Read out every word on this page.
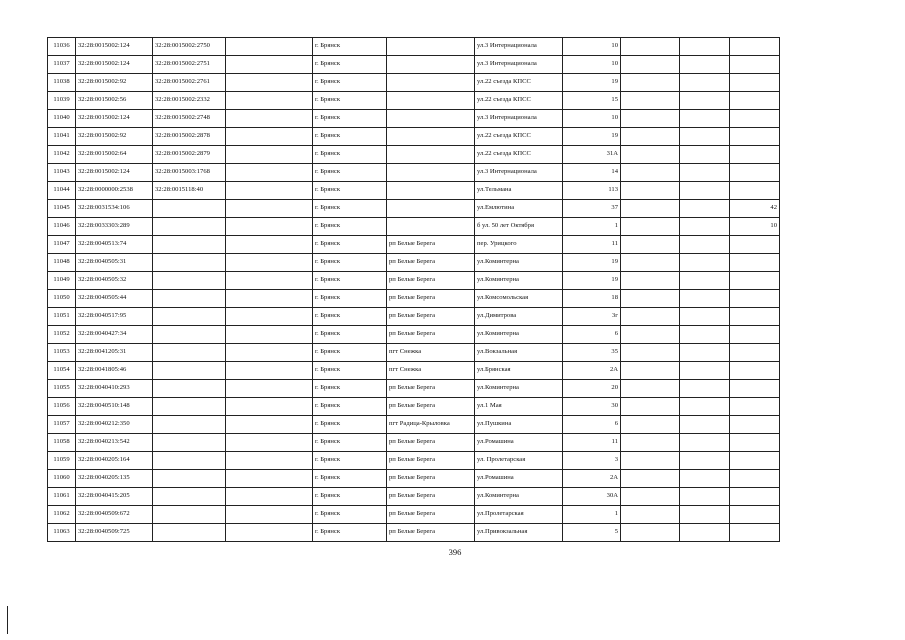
11036	32:28:0015002:124	32:28:0015002:2750		г. Брянск		ул.3 Интернационала	10			
11037	32:28:0015002:124	32:28:0015002:2751		г. Брянск		ул.3 Интернационала	10			
11038	32:28:0015002:92	32:28:0015002:2761		г. Брянск		ул.22 съезда КПСС	19			
11039	32:28:0015002:56	32:28:0015002:2332		г. Брянск		ул.22 съезда КПСС	15			
11040	32:28:0015002:124	32:28:0015002:2748		г. Брянск		ул.3 Интернационала	10			
11041	32:28:0015002:92	32:28:0015002:2878		г. Брянск		ул.22 съезда КПСС	19			
11042	32:28:0015002:64	32:28:0015002:2879		г. Брянск		ул.22 съезда КПСС	31А			
11043	32:28:0015002:124	32:28:0015003:1768		г. Брянск		ул.3 Интернационала	14			
11044	32:28:0000000:2538	32:28:0015118:40		г. Брянск		ул.Тельмана	113			
11045	32:28:0031534:106			г. Брянск		ул.Емлютина	37			42
11046	32:28:0033303:289			г. Брянск		б ул. 50 лет Октября	1			10
11047	32:28:0040513:74			г. Брянск	рп Белые Берега	пер. Урицкого	11			
11048	32:28:0040505:31			г. Брянск	рп Белые Берега	ул.Коминтерна	19			
11049	32:28:0040505:32			г. Брянск	рп Белые Берега	ул.Коминтерна	19			
11050	32:28:0040505:44			г. Брянск	рп Белые Берега	ул.Комсомольская	18			
11051	32:28:0040517:95			г. Брянск	рп Белые Берега	ул.Димитрова	3г			
11052	32:28:0040427:34			г. Брянск	рп Белые Берега	ул.Коминтерна	6			
11053	32:28:0041205:31			г. Брянск	пгт Снежка	ул.Вокзальная	35			
11054	32:28:0041805:46			г. Брянск	пгт Снежка	ул.Брянская	2А			
11055	32:28:0040410:293			г. Брянск	рп Белые Берега	ул.Коминтерна	20			
11056	32:28:0040510:148			г. Брянск	рп Белые Берега	ул.1 Мая	30			
11057	32:28:0040212:350			г. Брянск	пгт Радица-Крыловка	ул.Пушкина	6			
11058	32:28:0040213:542			г. Брянск	рп Белые Берега	ул.Ромашина	11			
11059	32:28:0040205:164			г. Брянск	рп Белые Берега	ул. Пролетарская	3			
11060	32:28:0040205:135			г. Брянск	рп Белые Берега	ул.Ромашина	2А			
11061	32:28:0040415:205			г. Брянск	рп Белые Берега	ул.Коминтерна	30А			
11062	32:28:0040509:672			г. Брянск	рп Белые Берега	ул.Пролетарская	1			
11063	32:28:0040509:725			г. Брянск	рп Белые Берега	ул.Привокзальная	5			
396
